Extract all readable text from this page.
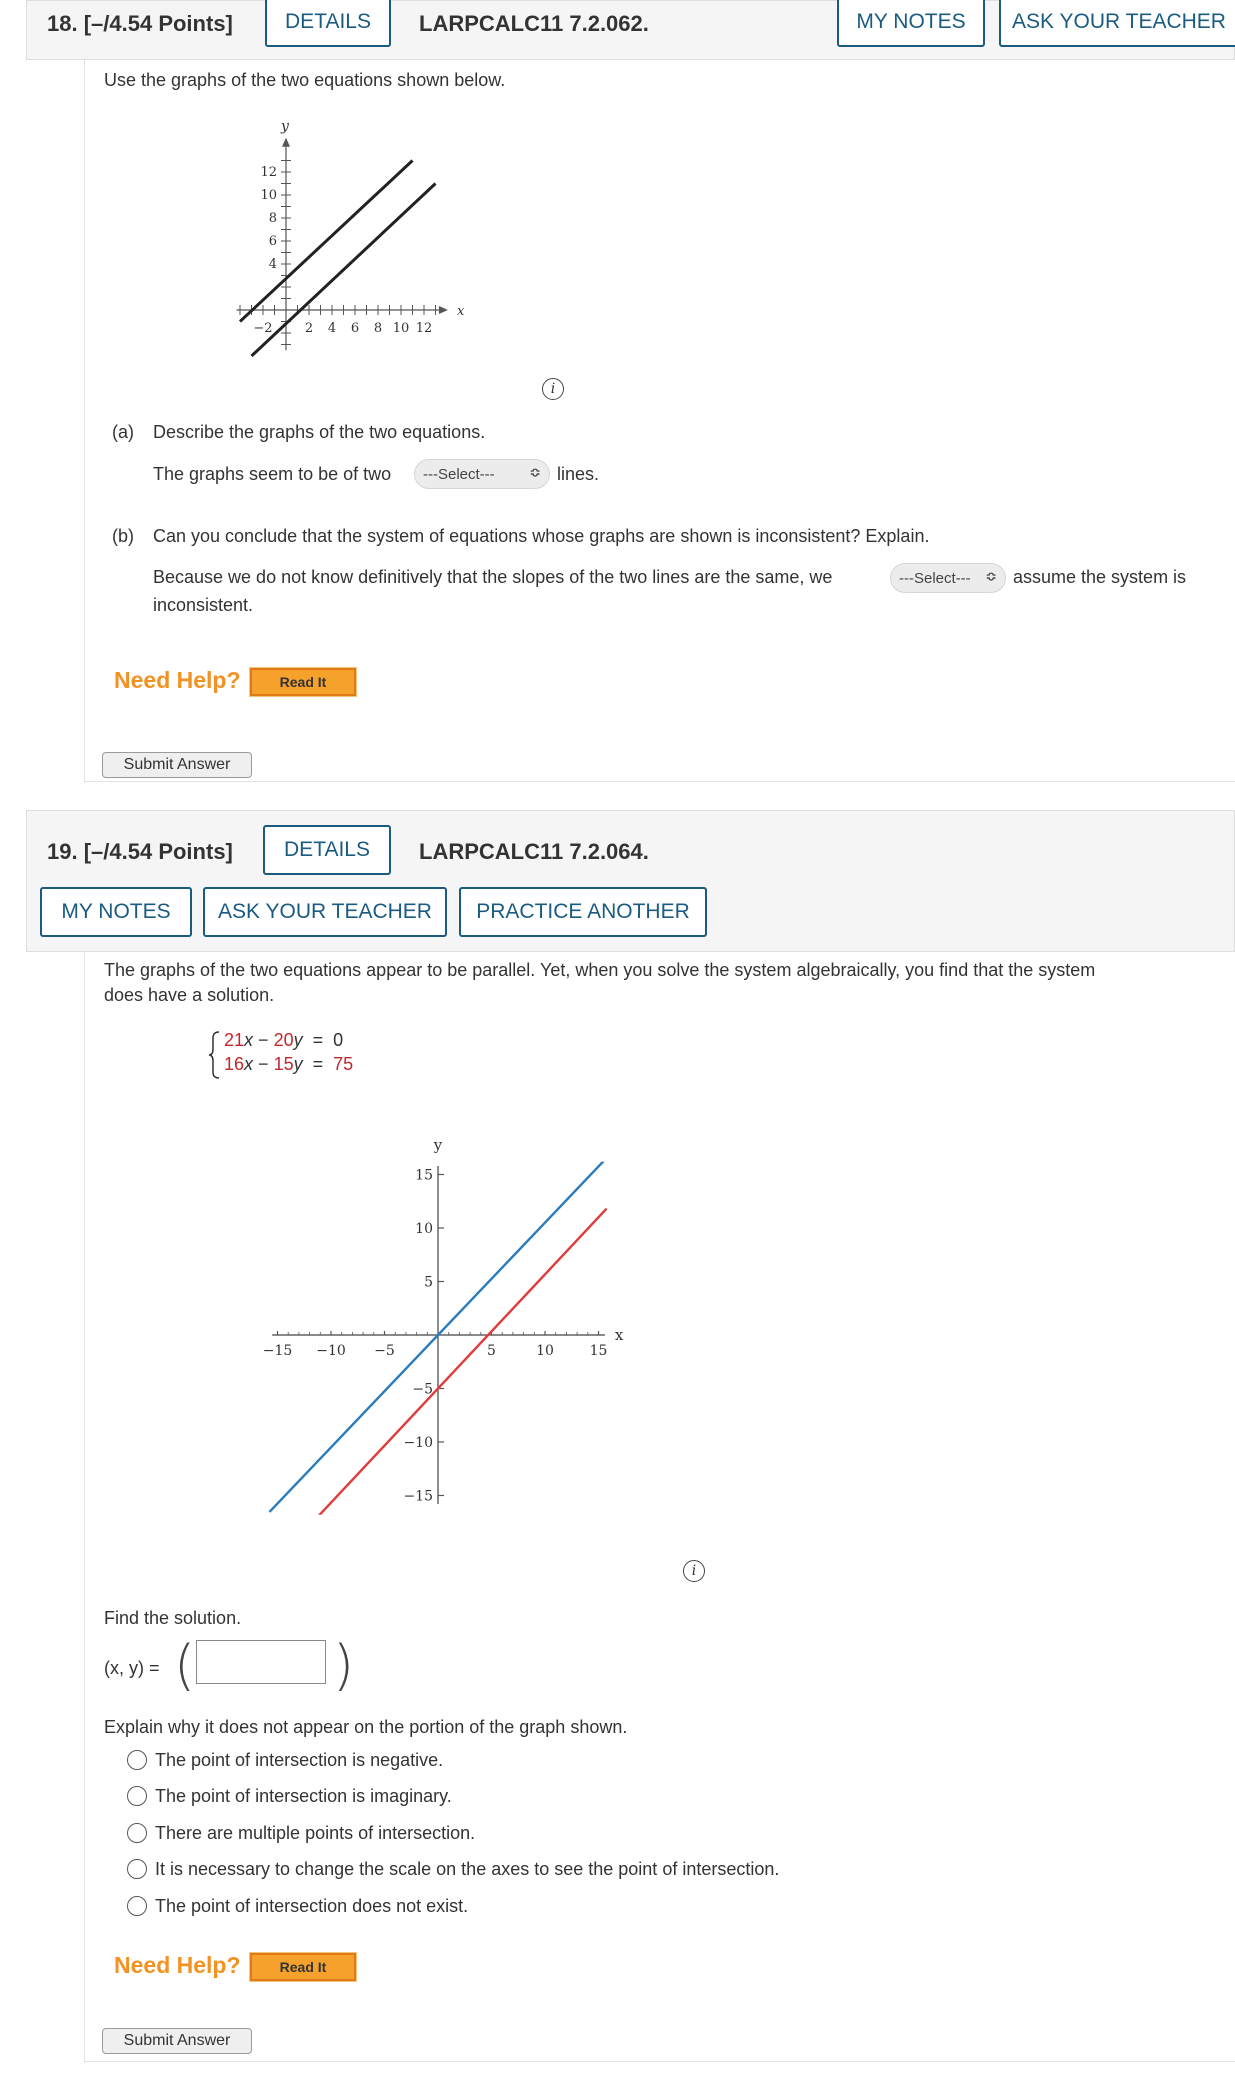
18. [–/4.54 Points]	DETAILS	LARPCALC11 7.2.062.	MY NOTES	ASK YOUR TEACHER
Use the graphs of the two equations shown below.
x
y
−2 2 4 6 8 10 12
12
10
8
6
4
i
(a) Describe the graphs of the two equations.
The graphs seem to be of two ---Select--- ≎ lines.
(b) Can you conclude that the system of equations whose graphs are shown is inconsistent? Explain.
Because we do not know definitively that the slopes of the two lines are the same, we	---Select--- ≎ assume the system is
inconsistent.
Need Help?	Read It
Submit Answer
19. [–/4.54 Points]	DETAILS	LARPCALC11 7.2.064.
MY NOTES	ASK YOUR TEACHER	PRACTICE ANOTHER
The graphs of the two equations appear to be parallel. Yet, when you solve the system algebraically, you find that the system
does have a solution.
21x − 20y  =  0
16x − 15y  =  75
x
y
−15 −10 −5	5	10	15
15
10
5
−5
−10
−15
i
Find the solution.
(x, y) = (	)
Explain why it does not appear on the portion of the graph shown.
The point of intersection is negative.
The point of intersection is imaginary.
There are multiple points of intersection.
It is necessary to change the scale on the axes to see the point of intersection.
The point of intersection does not exist.
Need Help?	Read It
Submit Answer
